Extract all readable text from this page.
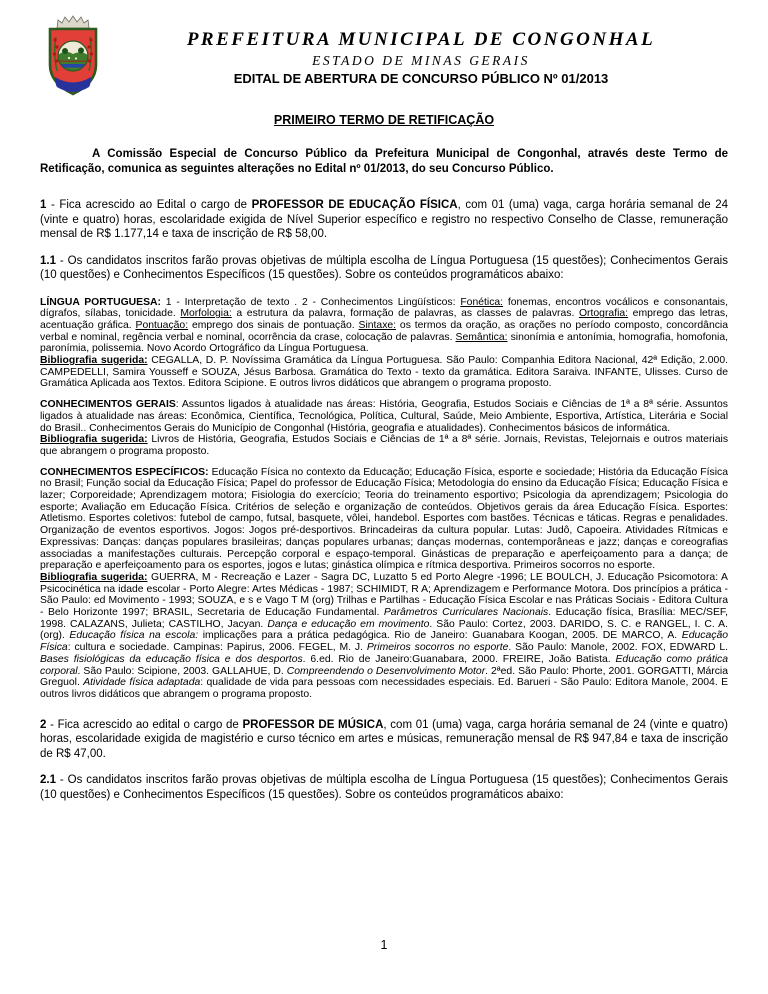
PREFEITURA MUNICIPAL DE CONGONHAL
ESTADO DE MINAS GERAIS
EDITAL DE ABERTURA DE CONCURSO PÚBLICO Nº 01/2013
PRIMEIRO TERMO DE RETIFICAÇÃO

A Comissão Especial de Concurso Público da Prefeitura Municipal de Congonhal, através deste Termo de Retificação, comunica as seguintes alterações no Edital nº 01/2013, do seu Concurso Público.

1 - Fica acrescido ao Edital o cargo de PROFESSOR DE EDUCAÇÃO FÍSICA, com 01 (uma) vaga, carga horária semanal de 24 (vinte e quatro) horas, escolaridade exigida de Nível Superior específico e registro no respectivo Conselho de Classe, remuneração mensal de R$ 1.177,14 e taxa de inscrição de R$ 58,00.

1.1 - Os candidatos inscritos farão provas objetivas de múltipla escolha de Língua Portuguesa (15 questões); Conhecimentos Gerais (10 questões) e Conhecimentos Específicos (15 questões). Sobre os conteúdos programáticos abaixo:

LÍNGUA PORTUGUESA: 1 - Interpretação de texto . 2 - Conhecimentos Lingüísticos: Fonética: fonemas, encontros vocálicos e consonantais, dígrafos, sílabas, tonicidade. Morfologia: a estrutura da palavra, formação de palavras, as classes de palavras. Ortografia: emprego das letras, acentuação gráfica. Pontuação: emprego dos sinais de pontuação. Sintaxe: os termos da oração, as orações no período composto, concordância verbal e nominal, regência verbal e nominal, ocorrência da crase, colocação de palavras. Semântica: sinonímia e antonímia, homografia, homofonia, paronímia, polissemia. Novo Acordo Ortográfico da Língua Portuguesa.

Bibliografia sugerida: CEGALLA, D. P. Novíssima Gramática da Língua Portuguesa. São Paulo: Companhia Editora Nacional, 42ª Edição, 2.000. CAMPEDELLI, Samira Yousseff e SOUZA, Jésus Barbosa. Gramática do Texto - texto da gramática. Editora Saraiva. INFANTE, Ulisses. Curso de Gramática Aplicada aos Textos. Editora Scipione. E outros livros didáticos que abrangem o programa proposto.

CONHECIMENTOS GERAIS: Assuntos ligados à atualidade nas áreas: História, Geografia, Estudos Sociais e Ciências de 1ª a 8ª série. Assuntos ligados à atualidade nas áreas: Econômica, Científica, Tecnológica, Política, Cultural, Saúde, Meio Ambiente, Esportiva, Artística, Literária e Social do Brasil.. Conhecimentos Gerais do Município de Congonhal (História, geografia e atualidades). Conhecimentos básicos de informática.

Bibliografia sugerida: Livros de História, Geografia, Estudos Sociais e Ciências de 1ª a 8ª série. Jornais, Revistas, Telejornais e outros materiais que abrangem o programa proposto.

CONHECIMENTOS ESPECÍFICOS: Educação Física no contexto da Educação; Educação Física, esporte e sociedade; História da Educação Física no Brasil; Função social da Educação Física; Papel do professor de Educação Física; Metodologia do ensino da Educação Física; Educação Física e lazer; Corporeidade; Aprendizagem motora; Fisiologia do exercício; Teoria do treinamento esportivo; Psicologia da aprendizagem; Psicologia do esporte; Avaliação em Educação Física. Critérios de seleção e organização de conteúdos. Objetivos gerais da área Educação Física. Esportes: Atletismo. Esportes coletivos: futebol de campo, futsal, basquete, vôlei, handebol. Esportes com bastões. Técnicas e táticas. Regras e penalidades. Organização de eventos esportivos. Jogos: Jogos pré-desportivos. Brincadeiras da cultura popular. Lutas: Judô, Capoeira. Atividades Rítmicas e Expressivas: Danças: danças populares brasileiras; danças populares urbanas; danças modernas, contemporâneas e jazz; danças e coreografias associadas a manifestações culturais. Percepção corporal e espaço-temporal. Ginásticas de preparação e aperfeiçoamento para a dança; de preparação e aperfeiçoamento para os esportes, jogos e lutas; ginástica olímpica e rítmica desportiva. Primeiros socorros no esporte.

Bibliografia sugerida: GUERRA, M - Recreação e Lazer - Sagra DC, Luzatto 5 ed Porto Alegre -1996; LE BOULCH, J. Educação Psicomotora: A Psicocinética na idade escolar - Porto Alegre: Artes Médicas - 1987; SCHIMIDT, R A; Aprendizagem e Performance Motora. Dos princípios a prática - São Paulo: ed Movimento - 1993; SOUZA, e s e Vago T M (org) Trilhas e Partilhas - Educação Física Escolar e nas Práticas Sociais - Editora Cultura - Belo Horizonte 1997; BRASIL, Secretaria de Educação Fundamental. Parâmetros Curriculares Nacionais. Educação física, Brasília: MEC/SEF, 1998. CALAZANS, Julieta; CASTILHO, Jacyan. Dança e educação em movimento. São Paulo: Cortez, 2003. DARIDO, S. C. e RANGEL, I. C. A. (org). Educação física na escola: implicações para a prática pedagógica. Rio de Janeiro: Guanabara Koogan, 2005. DE MARCO, A. Educação Física: cultura e sociedade. Campinas: Papirus, 2006. FEGEL, M. J. Primeiros socorros no esporte. São Paulo: Manole, 2002. FOX, EDWARD L. Bases fisiológicas da educação física e dos desportos. 6.ed. Rio de Janeiro:Guanabara, 2000. FREIRE, João Batista. Educação como prática corporal. São Paulo: Scipione, 2003. GALLAHUE, D. Compreendendo o Desenvolvimento Motor. 2ªed. São Paulo: Phorte, 2001. GORGATTI, Márcia Greguol. Atividade física adaptada: qualidade de vida para pessoas com necessidades especiais. Ed. Barueri - São Paulo: Editora Manole, 2004. E outros livros didáticos que abrangem o programa proposto.

2 - Fica acrescido ao edital o cargo de PROFESSOR DE MÚSICA, com 01 (uma) vaga, carga horária semanal de 24 (vinte e quatro) horas, escolaridade exigida de magistério e curso técnico em artes e músicas, remuneração mensal de R$ 947,84 e taxa de inscrição de R$ 47,00.

2.1 - Os candidatos inscritos farão provas objetivas de múltipla escolha de Língua Portuguesa (15 questões); Conhecimentos Gerais (10 questões) e Conhecimentos Específicos (15 questões). Sobre os conteúdos programáticos abaixo:

1
